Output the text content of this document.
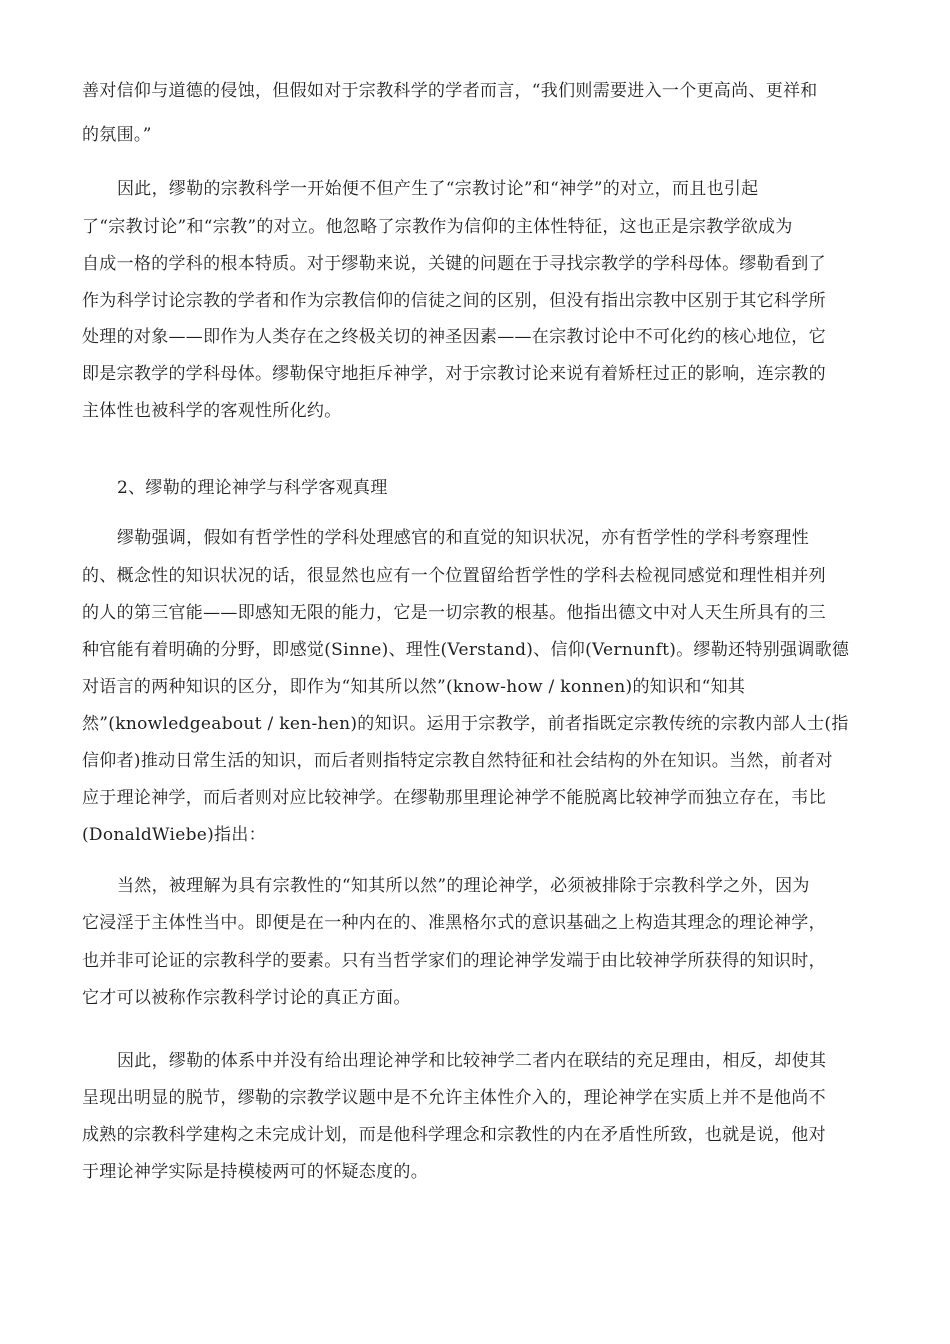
善对信仰与道德的侵蚀，但假如对于宗教科学的学者而言，“我们则需要进入一个更高尚、更祥和
的氛围。”
因此，缪勒的宗教科学一开始便不但产生了“宗教讨论”和“神学”的对立，而且也引起
了“宗教讨论”和“宗教”的对立。他忽略了宗教作为信仰的主体性特征，这也正是宗教学欲成为
自成一格的学科的根本特质。对于缪勒来说，关键的问题在于寻找宗教学的学科母体。缪勒看到了
作为科学讨论宗教的学者和作为宗教信仰的信徒之间的区别，但没有指出宗教中区别于其它科学所
处理的对象——即作为人类存在之终极关切的神圣因素——在宗教讨论中不可化约的核心地位，它
即是宗教学的学科母体。缪勒保守地拒斥神学，对于宗教讨论来说有着矫枉过正的影响，连宗教的
主体性也被科学的客观性所化约。
2、缪勒的理论神学与科学客观真理
缪勒强调，假如有哲学性的学科处理感官的和直觉的知识状况，亦有哲学性的学科考察理性
的、概念性的知识状况的话，很显然也应有一个位置留给哲学性的学科去检视同感觉和理性相并列
的人的第三官能——即感知无限的能力，它是一切宗教的根基。他指出德文中对人天生所具有的三
种官能有着明确的分野，即感觉(Sinne)、理性(Verstand)、信仰(Vernunft)。缪勒还特别强调歌德
对语言的两种知识的区分，即作为“知其所以然”(know-how / konnen)的知识和“知其
然”(knowledgeabout / ken-hen)的知识。运用于宗教学，前者指既定宗教传统的宗教内部人士(指
信仰者)推动日常生活的知识，而后者则指特定宗教自然特征和社会结构的外在知识。当然，前者对
应于理论神学，而后者则对应比较神学。在缪勒那里理论神学不能脱离比较神学而独立存在，韦比
(DonaldWiebe)指出：
当然，被理解为具有宗教性的“知其所以然”的理论神学，必须被排除于宗教科学之外，因为
它浸淫于主体性当中。即便是在一种内在的、准黑格尔式的意识基础之上构造其理念的理论神学，
也并非可论证的宗教科学的要素。只有当哲学家们的理论神学发端于由比较神学所获得的知识时，
它才可以被称作宗教科学讨论的真正方面。
因此，缪勒的体系中并没有给出理论神学和比较神学二者内在联结的充足理由，相反，却使其
呈现出明显的脱节，缪勒的宗教学议题中是不允许主体性介入的，理论神学在实质上并不是他尚不
成熟的宗教科学建构之未完成计划，而是他科学理念和宗教性的内在矛盾性所致，也就是说，他对
于理论神学实际是持模棱两可的怀疑态度的。
